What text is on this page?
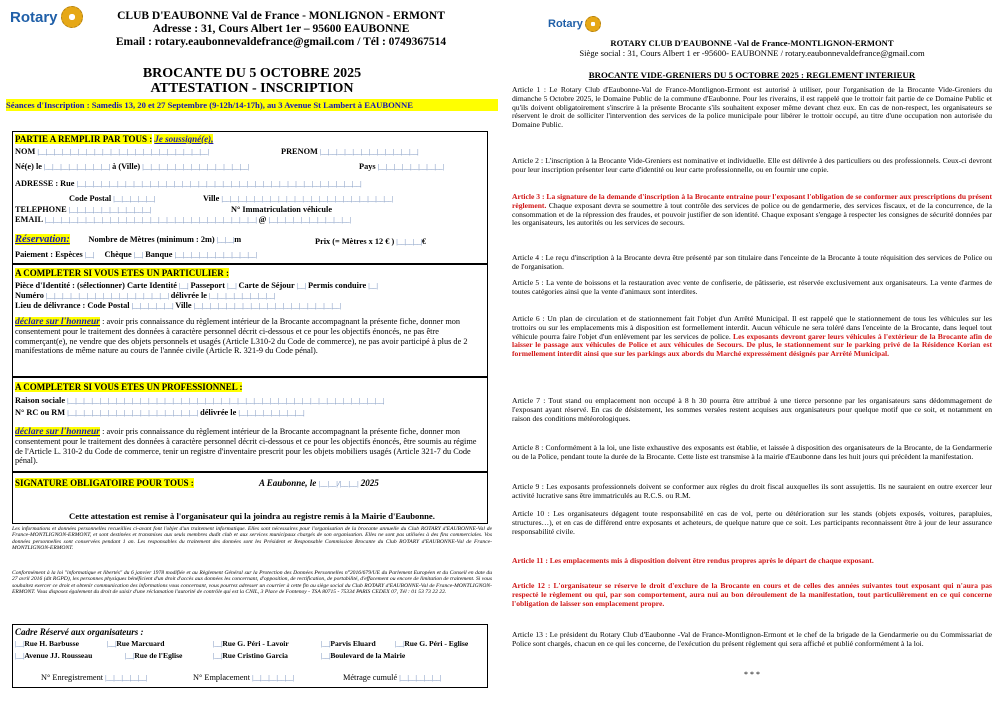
Rotary	CLUB D'EAUBONNE Val de France - MONLIGNON - ERMONT
Adresse : 31, Cours Albert 1er – 95600 EAUBONNE
Email : rotary.eaubonnevaldefrance@gmail.com / Tél : 0749367514
BROCANTE DU 5 OCTOBRE 2025
ATTESTATION - INSCRIPTION
Séances d'Inscription : Samedis 13, 20 et 27 Septembre (9-12h/14-17h), au 3 Avenue St Lambert à EAUBONNE
PARTIE A REMPLIR PAR TOUS : Je soussigné(e),
NOM |__|__|__|__|__|__|__|__|__|__|__|__|__|__|__|__|__|__|__|__|__|	PRENOM |__|__|__|__|__|__|__|__|__|__|__|__|
Né(e) le |__|__|__|__|__|__|__|__| à (Ville) |__|__|__|__|__|__|__|__|__|__|__|__|__|	Pays |__|__|__|__|__|__|__|__|
ADRESSE : Rue |__|__|__|__|__|__|__|__|__|__|__|__|__|__|__|__|__|__|__|__|__|__|__|__|__|__|__|__|__|__|__|__|__|__|__|
Code Postal |__|__|__|__|__|	Ville |__|__|__|__|__|__|__|__|__|__|__|__|__|__|__|__|__|__|__|__|__|
TELEPHONE |__|__|__|__|__|__|__|__|__|__|	N° Immatriculation véhicule
EMAIL |__|__|__|__|__|__|__|__|__|__|__|__|__|__|__|__|__|__|__|__|__|__|__|__|__|__| @ |__|__|__|__|__|__|__|__|__|__|
Réservation: Nombre de Mètres (minimum : 2m) |__|__|m	Prix (= Mètres x 12 € ) |__|__|__|€
Paiement : Espèces |__| Chèque |__| Banque |__|__|__|__|__|__|__|__|__|__|
A COMPLETER SI VOUS ETES UN PARTICULIER :
Pièce d'Identité : (sélectionner) Carte Identité |__| Passeport |__| Carte de Séjour |__| Permis conduire |__|
Numéro |__|__|__|__|__|__|__|__|__|__|__|__|__|__|__| délivrée le |__|__|__|__|__|__|__|__|
Lieu de délivrance : Code Postal |__|__|__|__|__| Ville |__|__|__|__|__|__|__|__|__|__|__|__|__|__|__|__|__|__|
déclare sur l'honneur : avoir pris connaissance du règlement intérieur de la Brocante accompagnant la présente fiche, donner mon consentement pour le traitement des données à caractère personnel décrit ci-dessous et ce pour les objectifs énoncés, ne pas être commerçant(e), ne vendre que des objets personnels et usagés (Article L310-2 du Code de commerce), ne pas avoir participé à plus de 2 manifestations de même nature au cours de l'année civile (Article R. 321-9 du Code pénal).
A COMPLETER SI VOUS ETES UN PROFESSIONNEL :
Raison sociale |__|__|__|__|__|__|__|__|__|__|__|__|__|__|__|__|__|__|__|__|__|__|__|__|__|__|__|__|__|__|__|__|__|__|__|__|__|__|__|
N° RC ou RM |__|__|__|__|__|__|__|__|__|__|__|__|__|__|__|__| délivrée le |__|__|__|__|__|__|__|__|
déclare sur l'honneur : avoir pris connaissance du règlement intérieur de la Brocante accompagnant la présente fiche, donner mon consentement pour le traitement des données à caractère personnel décrit ci-dessous et ce pour les objectifs énoncés, être soumis au régime de l'Article L. 310-2 du Code de commerce, tenir un registre d'inventaire prescrit pour les objets mobiliers usagés (Article 321-7 du Code pénal).
SIGNATURE OBLIGATOIRE POUR TOUS :	A Eaubonne, le |__|__|/|__|__| 2025
Cette attestation est remise à l'organisateur qui la joindra au registre remis à la Mairie d'Eaubonne.
Les informations et données personnelles recueillies ci-avant font l'objet d'un traitement informatique. Elles sont nécessaires pour l'organisation de la brocante annuelle du Club ROTARY d'EAUBONNE-Val de France-MONTLIGNON-ERMONT, et sont destinées et transmises aux seuls membres dudit club et aux services municipaux chargés de son organisation. Elles ne sont pas utilisées à des fins commerciales. Vos données personnelles sont conservées pendant 1 an. Les responsables du traitement des données sont les Président et Responsable Commission Brocante du Club ROTARY d'EAUBONNE-Val de France-MONTLIGNON-ERMONT.
Conformément à la loi "informatique et libertés" du 6 janvier 1978 modifiée et au Règlement Général sur la Protection des Données Personnelles n°2016/679/UE du Parlement Européen et du Conseil en date du 27 avril 2016 (dit RGPD), les personnes physiques bénéficient d'un droit d'accès aux données les concernant, d'opposition, de rectification, de portabilité, d'effacement ou encore de limitation de traitement. Si vous souhaitez exercer ce droit et obtenir communication des informations vous concernant, vous pourrez adresser un courrier à cette fin au siège social du Club ROTARY d'EAUBONNE-Val de France-MONTLIGNON-ERMONT. Vous disposez également du droit de saisir d'une réclamation l'autorité de contrôle qui est la CNIL, 3 Place de Fontenoy - TSA 80715 - 75334 PARIS CEDEX 07, Tél : 01 53 73 22 22.
Cadre Réservé aux organisateurs :
|__|Rue H. Barbusse	|__|Rue Marcuard	|__|Rue G. Péri - Lavoir	|__|Parvis Eluard	|__|Rue G. Péri - Eglise
|__|Avenue JJ. Rousseau	|__|Rue de l'Eglise	|__|Rue Cristino Garcia	|__|Boulevard de la Mairie
N° Enregistrement |__|__|__|__|__|	N° Emplacement |__|__|__|__|__|	Métrage cumulé |__|__|__|__|__|
Rotary
ROTARY CLUB D'EAUBONNE -Val de France-MONTLIGNON-ERMONT
Siège social : 31, Cours Albert 1 er -95600- EAUBONNE / rotary.eaubonnevaldefrance@gmail.com
BROCANTE VIDE-GRENIERS DU 5 OCTOBRE 2025 : REGLEMENT INTERIEUR
Article 1 : Le Rotary Club d'Eaubonne-Val de France-Montlignon-Ermont est autorisé à utiliser, pour l'organisation de la Brocante Vide-Greniers du dimanche 5 Octobre 2025, le Domaine Public de la commune d'Eaubonne. Pour les riverains, il est rappelé que le trottoir fait partie de ce Domaine Public et qu'ils doivent obligatoirement s'inscrire à la présente Brocante s'ils souhaitent exposer même devant chez eux. En cas de non-respect, les organisateurs se réservent le droit de solliciter l'intervention des services de la police municipale pour libérer le trottoir occupé, au titre d'une occupation non autorisée du Domaine Public.
Article 2 : L'inscription à la Brocante Vide-Greniers est nominative et individuelle. Elle est délivrée à des particuliers ou des professionnels. Ceux-ci devront pour leur inscription présenter leur carte d'identité ou leur carte professionnelle, ou en fournir une copie.
Article 3 : La signature de la demande d'inscription à la Brocante entraine pour l'exposant l'obligation de se conformer aux prescriptions du présent règlement. Chaque exposant devra se soumettre à tout contrôle des services de police ou de gendarmerie, des services fiscaux, et de la concurrence, de la consommation et de la répression des fraudes, et pouvoir justifier de son identité. Chaque exposant s'engage à respecter les consignes de sécurité données par les organisateurs, les autorités ou les services de secours.
Article 4 : Le reçu d'inscription à la Brocante devra être présenté par son titulaire dans l'enceinte de la Brocante à toute réquisition des services de Police ou de l'organisation.
Article 5 : La vente de boissons et la restauration avec vente de confiserie, de pâtisserie, est réservée exclusivement aux organisateurs. La vente d'armes de toutes catégories ainsi que la vente d'animaux sont interdites.
Article 6 : Un plan de circulation et de stationnement fait l'objet d'un Arrêté Municipal. Il est rappelé que le stationnement de tous les véhicules sur les trottoirs ou sur les emplacements mis à disposition est formellement interdit. Aucun véhicule ne sera toléré dans l'enceinte de la Brocante, dans lequel tout véhicule pourra faire l'objet d'un enlèvement par les services de police. Les exposants devront garer leurs véhicules à l'extérieur de la Brocante afin de laisser le passage aux véhicules de Police et aux véhicules de Secours. De plus, le stationnement sur le parking privé de la Résidence Korian est formellement interdit ainsi que sur les parkings aux abords du Marché expressément désignés par Arrêté Municipal.
Article 7 : Tout stand ou emplacement non occupé à 8 h 30 pourra être attribué à une tierce personne par les organisateurs sans dédommagement de l'exposant ayant réservé. En cas de désistement, les sommes versées restent acquises aux organisateurs pour quelque motif que ce soit, et notamment en raison des conditions météorologiques.
Article 8 : Conformément à la loi, une liste exhaustive des exposants est établie, et laissée à disposition des organisateurs de la Brocante, de la Gendarmerie ou de la Police, pendant toute la durée de la Brocante. Cette liste est transmise à la mairie d'Eaubonne dans les huit jours qui précèdent la manifestation.
Article 9 : Les exposants professionnels doivent se conformer aux règles du droit fiscal auxquelles ils sont assujettis. Ils ne sauraient en outre exercer leur activité lucrative sans être immatriculés au R.C.S. ou R.M.
Article 10 : Les organisateurs dégagent toute responsabilité en cas de vol, perte ou détérioration sur les stands (objets exposés, voitures, parapluies, structures…), et en cas de différend entre exposants et acheteurs, de quelque nature que ce soit. Les participants reconnaissent être à jour de leur assurance responsabilité civile.
Article 11 : Les emplacements mis à disposition doivent être rendus propres après le départ de chaque exposant.
Article 12 : L'organisateur se réserve le droit d'exclure de la Brocante en cours et de celles des années suivantes tout exposant qui n'aura pas respecté le règlement ou qui, par son comportement, aura nui au bon déroulement de la manifestation, tout particulièrement en ce qui concerne l'obligation de laisser son emplacement propre.
Article 13 : Le président du Rotary Club d'Eaubonne -Val de France-Montlignon-Ermont et le chef de la brigade de la Gendarmerie ou du Commissariat de Police sont chargés, chacun en ce qui les concerne, de l'exécution du présent règlement qui sera affiché et publié conformément à la loi.
* * *
